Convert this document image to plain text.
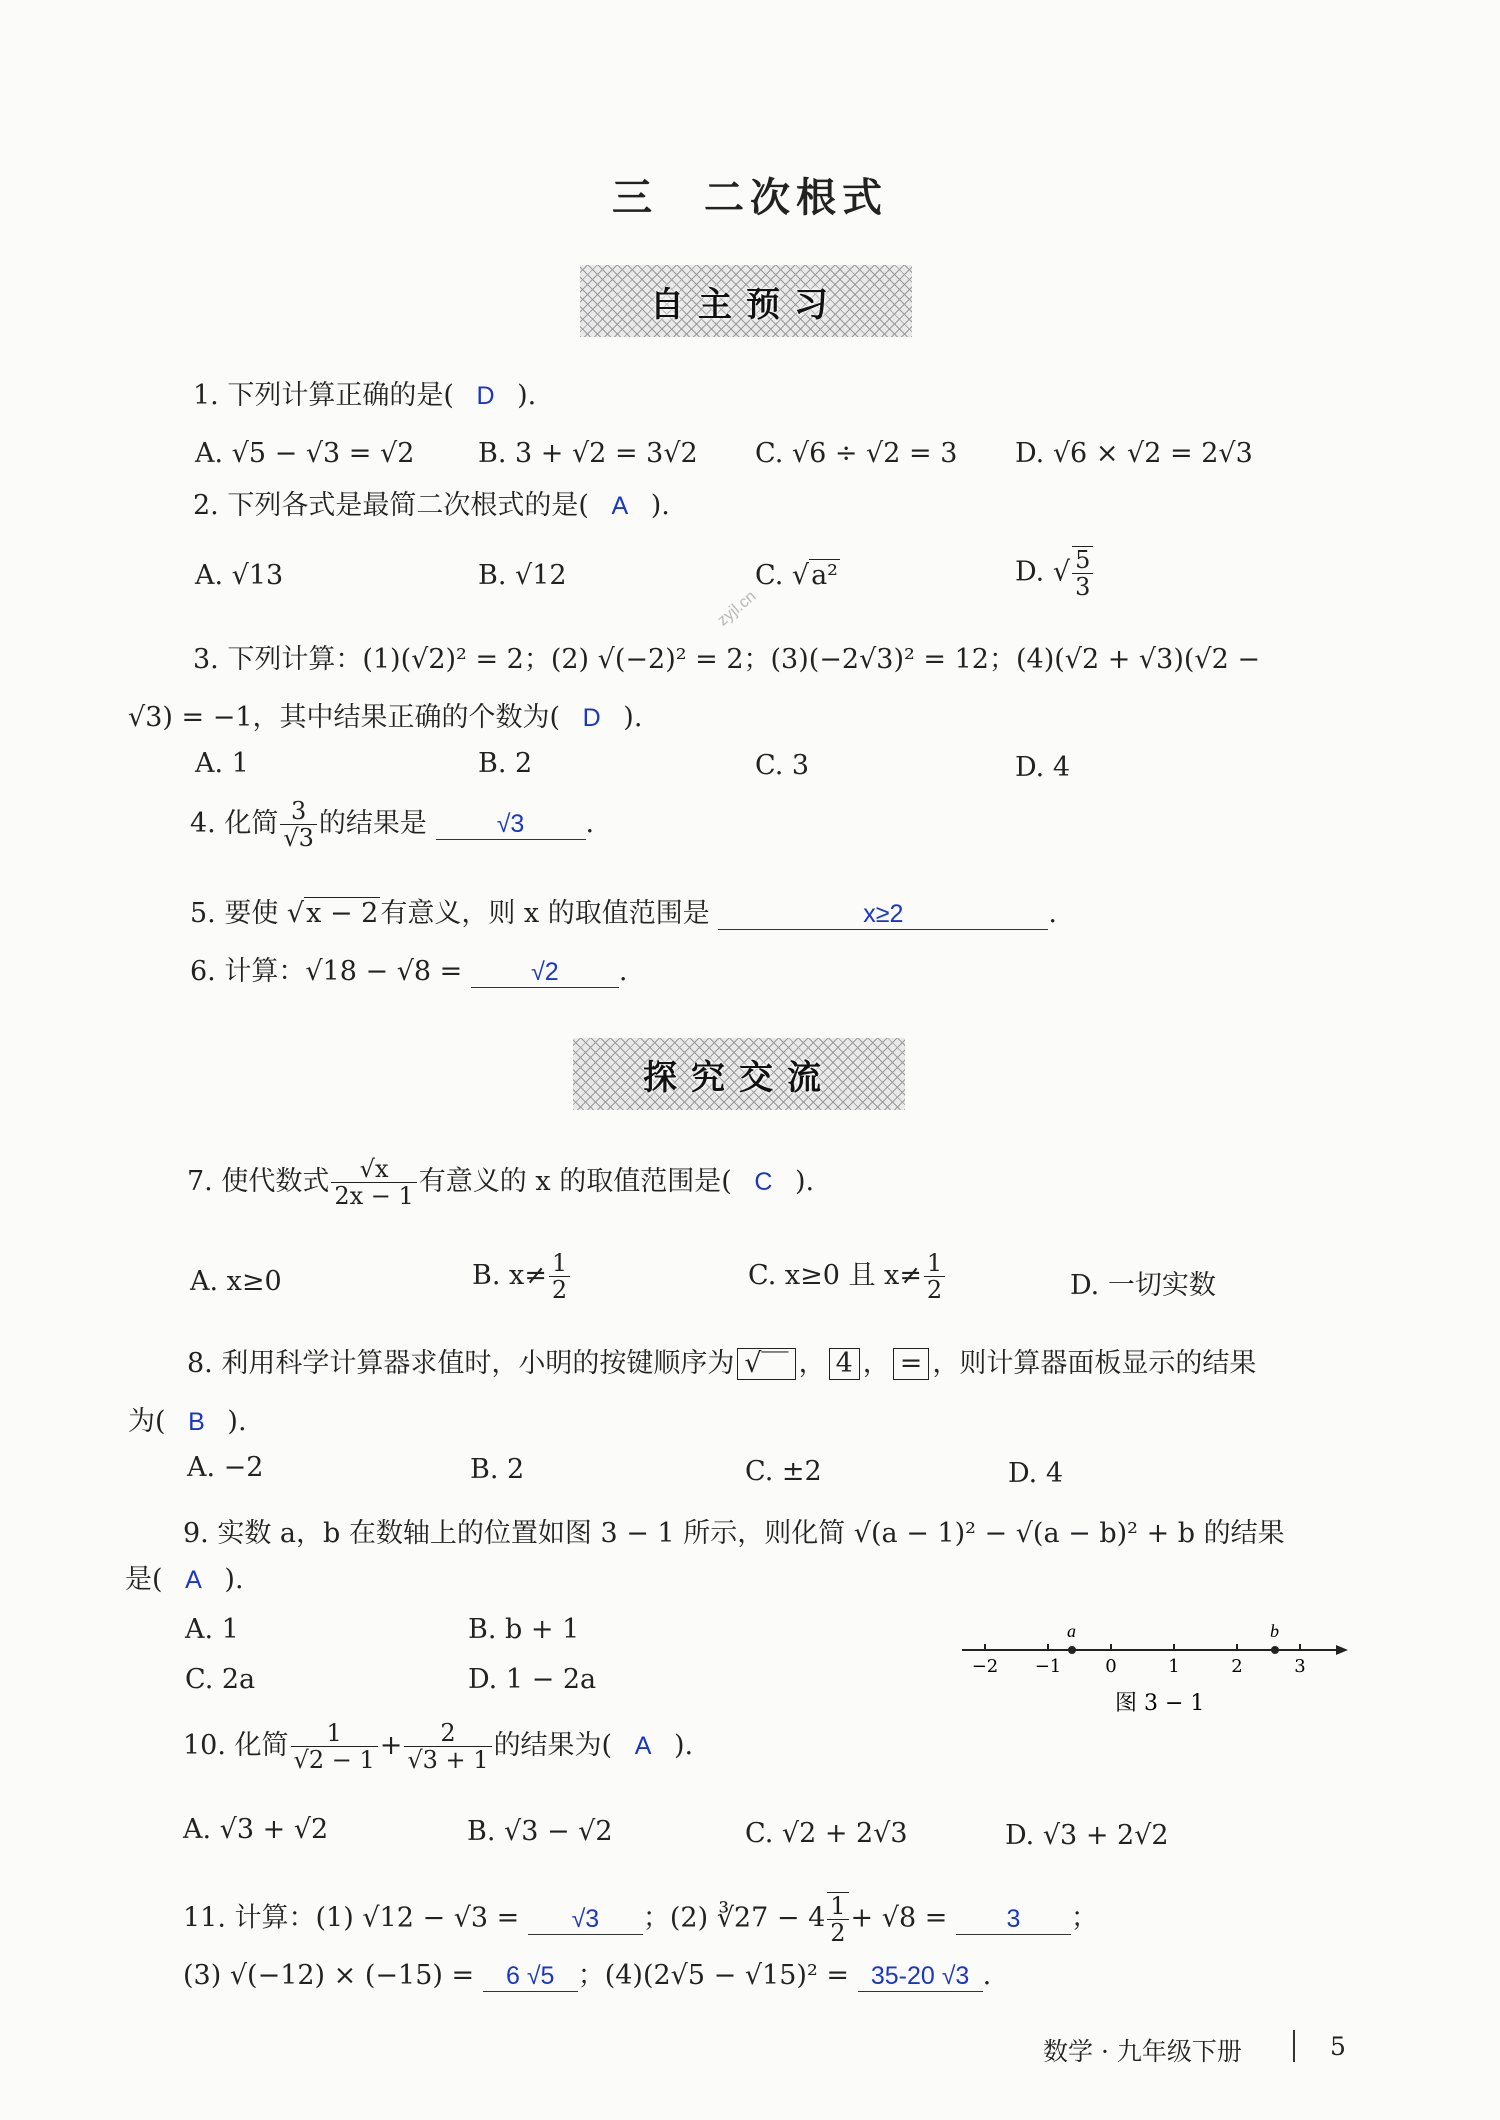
三　二次根式
自主预习
zyjl.cn
1. 下列计算正确的是( D ).
A. √5 − √3 = √2 B. 3 + √2 = 3√2 C. √6 ÷ √2 = 3 D. √6 × √2 = 2√3
2. 下列各式是最简二次根式的是( A ).
A. √13	B. √12	C. √a²	D. √ $\frac{5}{3}$
3. 下列计算：(1)(√2)² = 2；(2) √(−2)² = 2；(3)(−2√3)² = 12；(4)(√2 + √3)(√2 −
√3) = −1，其中结果正确的个数为( D ).
A. 1	B. 2	C. 3	D. 4
4. 化简 $\frac{3}{√3}$ 的结果是	√3 .
5. 要使 √x − 2有意义，则 x 的取值范围是	x≥2	.
6. 计算：√18 − √8 =	√2 .
探究交流
7. 使代数式 $\frac{√x}{2x - 1}$ 有意义的 x 的取值范围是( C ).
A. x≥0	B. $x\ne \frac{1}{2}$	C. x≥0 且 $x\ne \frac{1}{2}$	D. 一切实数
8. 利用科学计算器求值时，小明的按键顺序为 √‾‾ ， 4 ， = ，则计算器面板显示的结果
为( B ).
A. −2	B. 2	C. ±2	D. 4
9. 实数 a，b 在数轴上的位置如图 3 − 1 所示，则化简 √(a − 1)² − √(a − b)² + b 的结果
是( A ).
A. 1	B. b + 1
C. 2a	D. 1 − 2a	−2 −1 0	1	2	3
a	b
图 3 − 1
10. 化简 $\frac{1}{√2 - 1} + \frac{2}{√3 + 1}$ 的结果为( A ).
A. √3 + √2	B. √3 − √2	C. √2 + 2√3	D. √3 + 2√2
11. 计算：(1) √12 − √3 = √3 ；(2) ∛27 − $4 \frac{1}{2} + √8 = 3$ ；
(3) √(−12) × (−15) = 6 √5 ；(4)(2√5 − √15)² = 35-20 √3 .
数学 · 九年级下册	5
